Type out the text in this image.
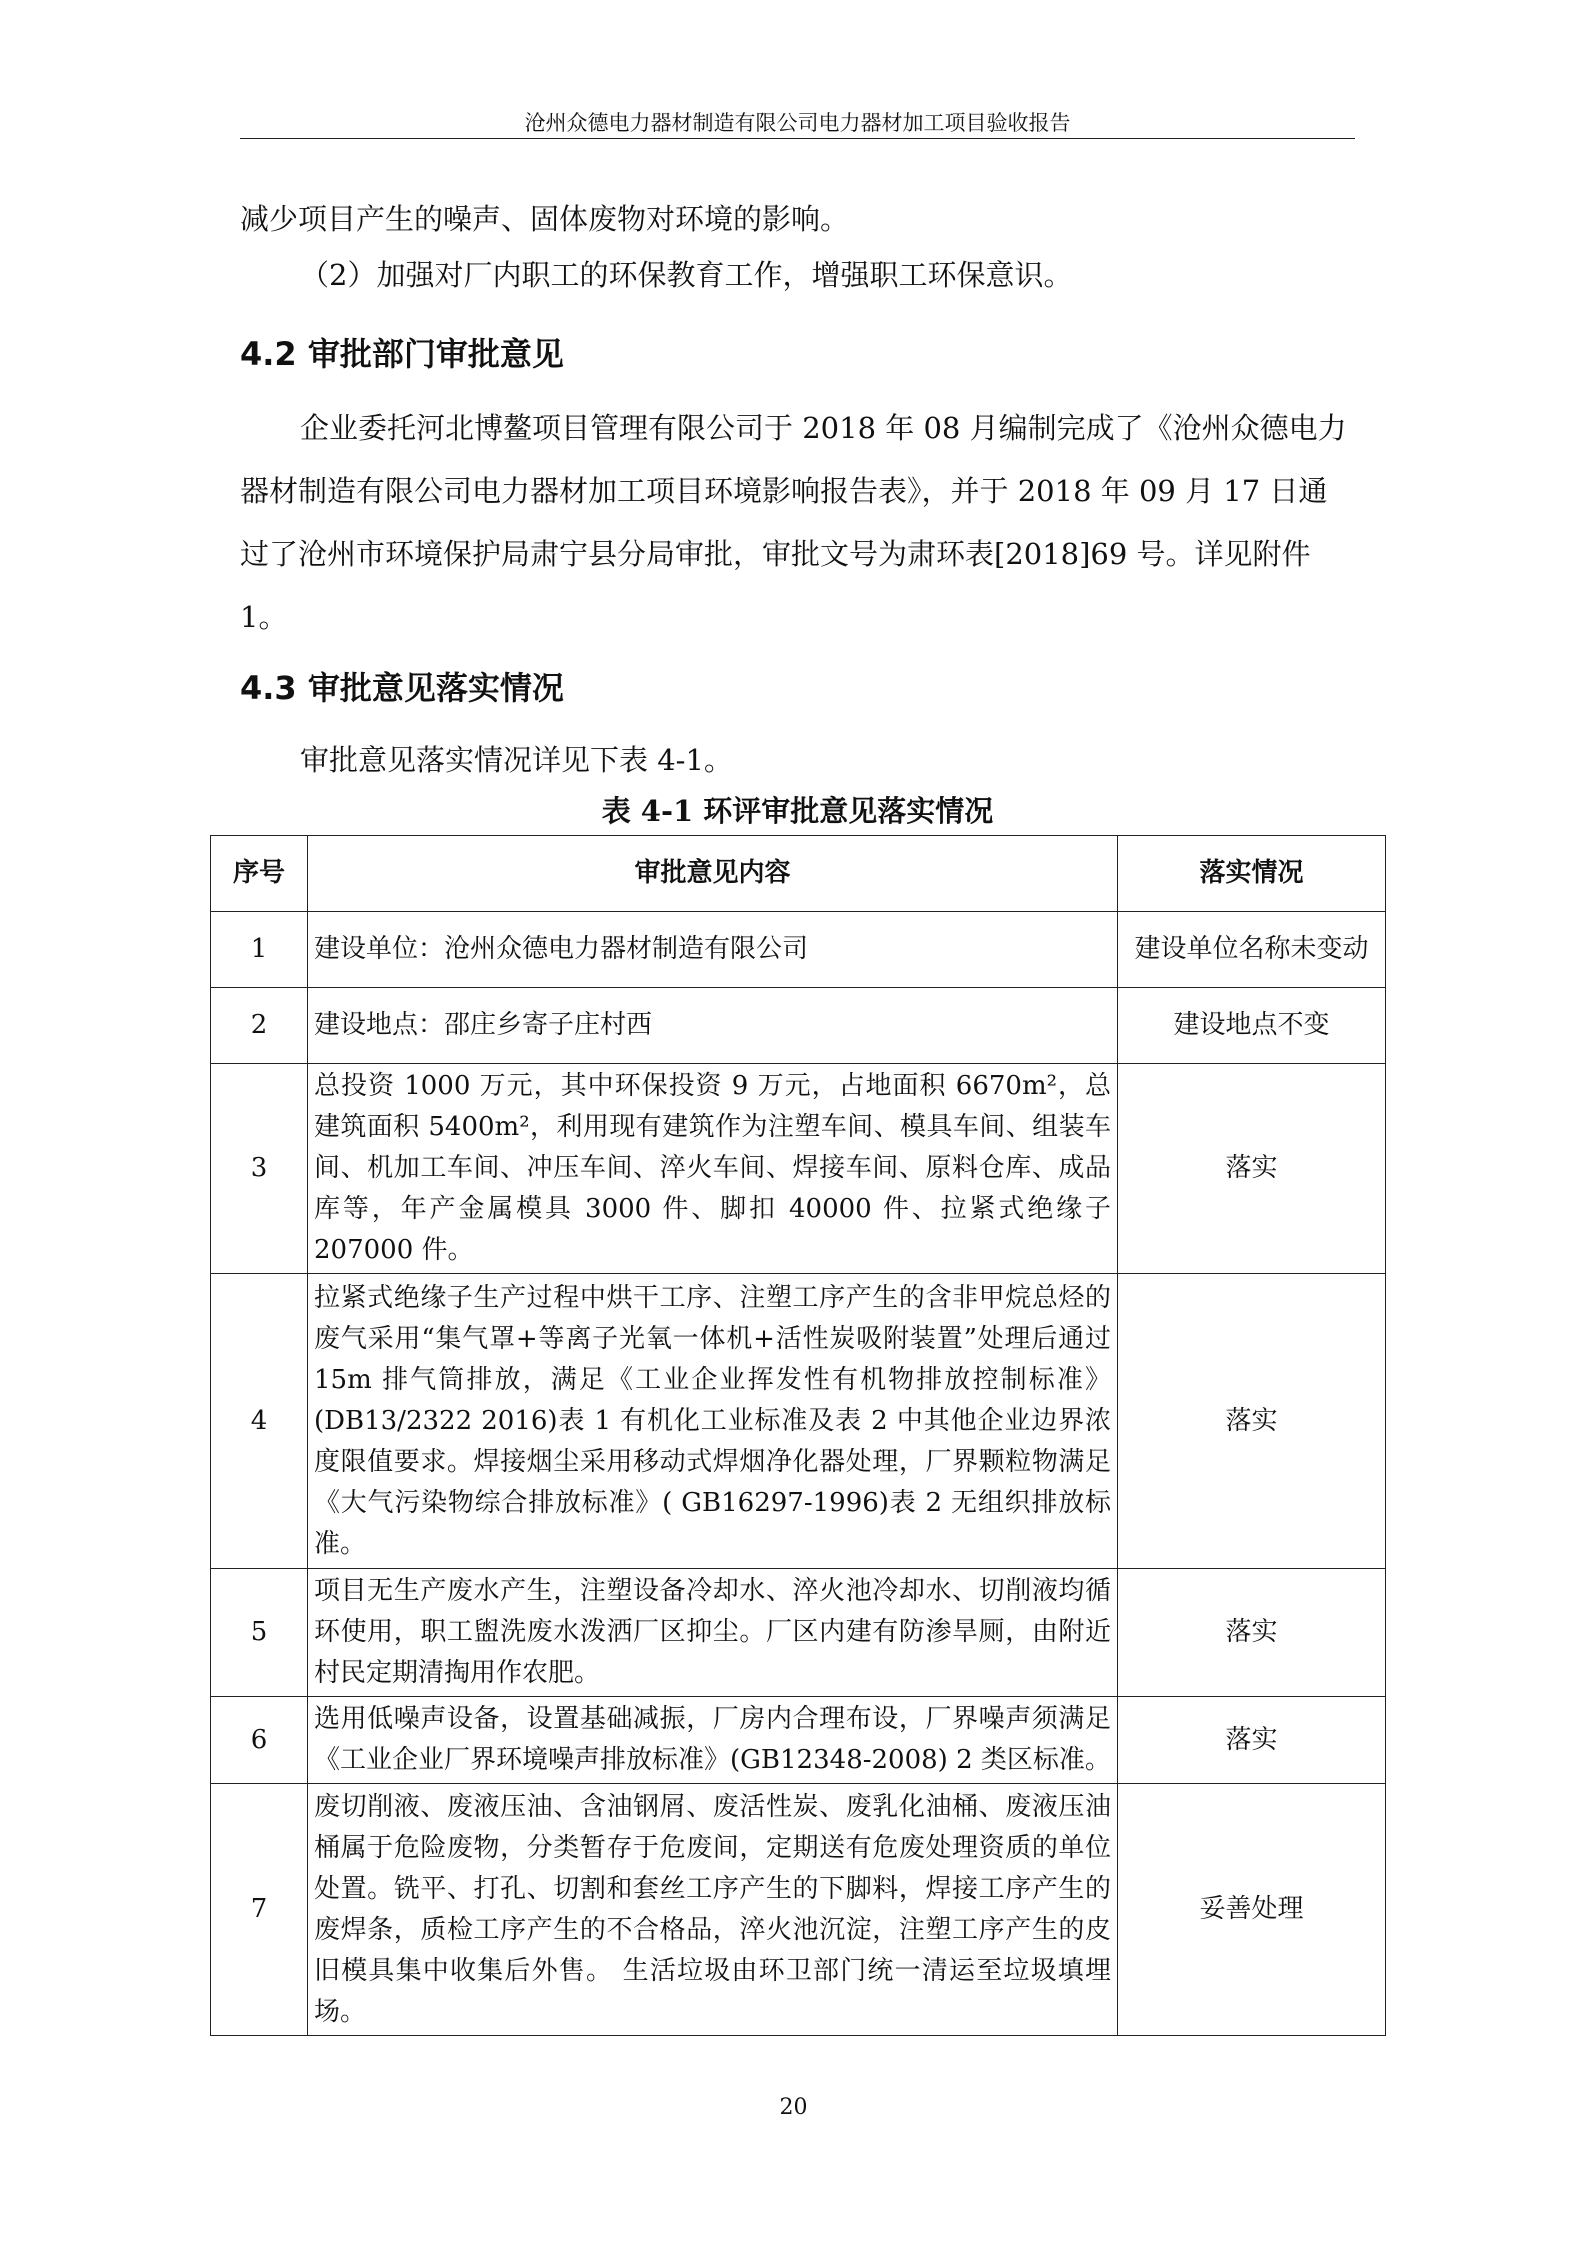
沧州众德电力器材制造有限公司电力器材加工项目验收报告

减少项目产生的噪声、固体废物对环境的影响。

（2）加强对厂内职工的环保教育工作，增强职工环保意识。

4.2 审批部门审批意见

企业委托河北博鳌项目管理有限公司于 2018 年 08 月编制完成了《沧州众德电力器材制造有限公司电力器材加工项目环境影响报告表》，并于 2018 年 09 月 17 日通过了沧州市环境保护局肃宁县分局审批，审批文号为肃环表[2018]69 号。详见附件 1。

4.3 审批意见落实情况

审批意见落实情况详见下表 4-1。

表 4-1 环评审批意见落实情况
序号	审批意见内容	落实情况
1	建设单位：沧州众德电力器材制造有限公司	建设单位名称未变动
2	建设地点：邵庄乡寄子庄村西	建设地点不变
3	总投资 1000 万元，其中环保投资 9 万元，占地面积 6670m²，总建筑面积 5400m²，利用现有建筑作为注塑车间、模具车间、组装车间、机加工车间、冲压车间、淬火车间、焊接车间、原料仓库、成品库等，年产金属模具 3000 件、脚扣 40000 件、拉紧式绝缘子 207000 件。	落实
4	拉紧式绝缘子生产过程中烘干工序、注塑工序产生的含非甲烷总烃的废气采用“集气罩+等离子光氧一体机+活性炭吸附装置”处理后通过 15m 排气筒排放，满足《工业企业挥发性有机物排放控制标准》(DB13/2322 2016)表 1 有机化工业标准及表 2 中其他企业边界浓度限值要求。焊接烟尘采用移动式焊烟净化器处理，厂界颗粒物满足《大气污染物综合排放标准》( GB16297-1996)表 2 无组织排放标准。	落实
5	项目无生产废水产生，注塑设备冷却水、淬火池冷却水、切削液均循环使用，职工盥洗废水泼洒厂区抑尘。厂区内建有防渗旱厕，由附近村民定期清掏用作农肥。	落实
6	选用低噪声设备，设置基础减振，厂房内合理布设，厂界噪声须满足《工业企业厂界环境噪声排放标准》(GB12348-2008) 2 类区标准。	落实
7	废切削液、废液压油、含油钢屑、废活性炭、废乳化油桶、废液压油桶属于危险废物，分类暂存于危废间，定期送有危废处理资质的单位处置。铣平、打孔、切割和套丝工序产生的下脚料，焊接工序产生的废焊条，质检工序产生的不合格品，淬火池沉淀，注塑工序产生的皮旧模具集中收集后外售。 生活垃圾由环卫部门统一清运至垃圾填埋场。	妥善处理
20
